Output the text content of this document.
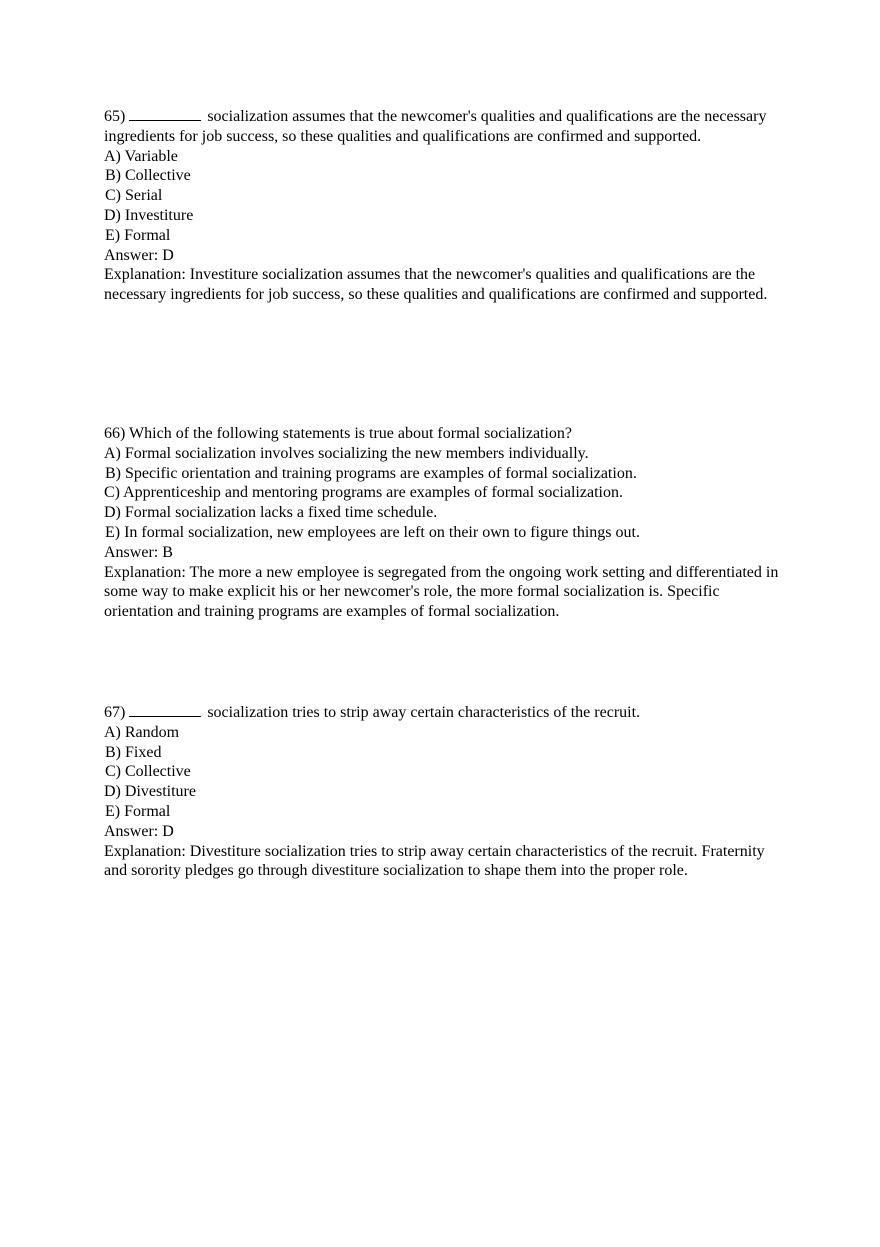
65)	socialization assumes that the newcomer's qualities and qualifications are the necessary ingredients for job success, so these qualities and qualifications are confirmed and supported.

A) Variable
B) Collective
C) Serial
D) Investiture
E) Formal
Answer: D

Explanation: Investiture socialization assumes that the newcomer's qualities and qualifications are the necessary ingredients for job success, so these qualities and qualifications are confirmed and supported.

66) Which of the following statements is true about formal socialization?

A) Formal socialization involves socializing the new members individually.
B) Specific orientation and training programs are examples of formal socialization.
C) Apprenticeship and mentoring programs are examples of formal socialization.
D) Formal socialization lacks a fixed time schedule.
E) In formal socialization, new employees are left on their own to figure things out.
Answer: B

Explanation: The more a new employee is segregated from the ongoing work setting and differentiated in some way to make explicit his or her newcomer's role, the more formal socialization is. Specific orientation and training programs are examples of formal socialization.

67)	socialization tries to strip away certain characteristics of the recruit.

A) Random
B) Fixed
C) Collective
D) Divestiture
E) Formal
Answer: D

Explanation: Divestiture socialization tries to strip away certain characteristics of the recruit. Fraternity and sorority pledges go through divestiture socialization to shape them into the proper role.
